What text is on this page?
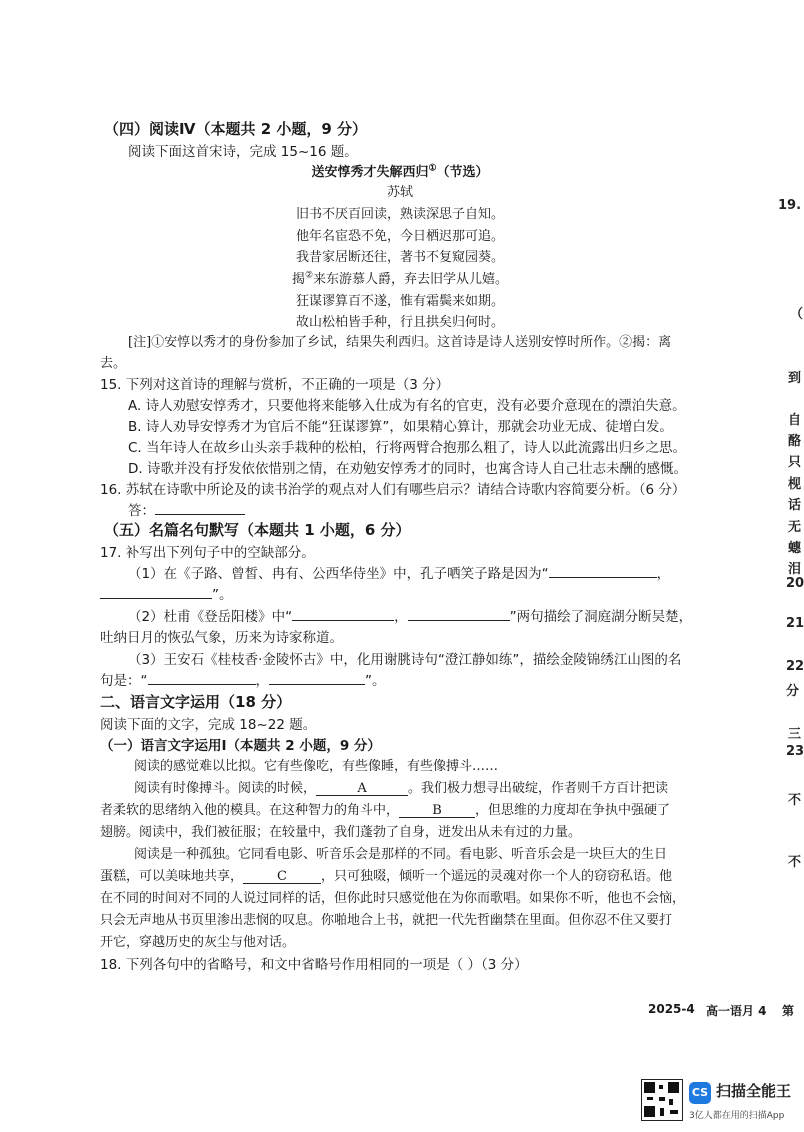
（四）阅读Ⅳ（本题共 2 小题，9 分）
阅读下面这首宋诗，完成 15~16 题。
送安惇秀才失解西归①（节选）
苏轼
旧书不厌百回读，熟读深思子自知。
他年名宦恐不免，今日栖迟那可追。
我昔家居断还往，著书不复窥园葵。
揭②来东游慕人爵，弃去旧学从儿嬉。
狂谋谬算百不遂，惟有霜鬓来如期。
故山松柏皆手种，行且拱矣归何时。
[注]①安惇以秀才的身份参加了乡试，结果失利西归。这首诗是诗人送别安惇时所作。②揭：离
去。
15. 下列对这首诗的理解与赏析，不正确的一项是（3 分）
A. 诗人劝慰安惇秀才，只要他将来能够入仕成为有名的官吏，没有必要介意现在的漂泊失意。
B. 诗人劝导安惇秀才为官后不能“狂谋谬算”，如果精心算计，那就会功业无成、徒增白发。
C. 当年诗人在故乡山头亲手栽种的松柏，行将两臂合抱那么粗了，诗人以此流露出归乡之思。
D. 诗歌并没有抒发依依惜别之情，在劝勉安惇秀才的同时，也寓含诗人自己壮志未酬的感慨。
16. 苏轼在诗歌中所论及的读书治学的观点对人们有哪些启示？请结合诗歌内容简要分析。（6 分）
答：
（五）名篇名句默写（本题共 1 小题，6 分）
17. 补写出下列句子中的空缺部分。
（1）在《子路、曾皙、冉有、公西华侍坐》中，孔子哂笑子路是因为“	，
”。
（2）杜甫《登岳阳楼》中“	，	”两句描绘了洞庭湖分断吴楚，
吐纳日月的恢弘气象，历来为诗家称道。
（3）王安石《桂枝香·金陵怀古》中，化用谢朓诗句“澄江静如练”，描绘金陵锦绣江山图的名
句是：“	，	”。
二、语言文字运用（18 分）
阅读下面的文字，完成 18~22 题。
（一）语言文字运用Ⅰ（本题共 2 小题，9 分）
阅读的感觉难以比拟。它有些像吃，有些像睡，有些像搏斗……
阅读有时像搏斗。阅读的时候，	A	。我们极力想寻出破绽，作者则千方百计把读
者柔软的思绪纳入他的模具。在这种智力的角斗中，	B	，但思维的力度却在争执中强硬了
翅膀。阅读中，我们被征服；在较量中，我们蓬勃了自身，迸发出从未有过的力量。
阅读是一种孤独。它同看电影、听音乐会是那样的不同。看电影、听音乐会是一块巨大的生日
蛋糕，可以美味地共享，	C	，只可独啜，倾听一个遥远的灵魂对你一个人的窃窃私语。他
在不同的时间对不同的人说过同样的话，但你此时只感觉他在为你而歌唱。如果你不听，他也不会恼，
只会无声地从书页里渗出悲悯的叹息。你啪地合上书，就把一代先哲幽禁在里面。但你忍不住又要打
开它，穿越历史的灰尘与他对话。
18. 下列各句中的省略号，和文中省略号作用相同的一项是（ ）（3 分）
2025-4 高一语月 4 第
19.
（
到
自
酪
只
枧
话
无
蟪
泪
20
21
22
分
三
23
不
不
CS 扫描全能王
3亿人都在用的扫描App
